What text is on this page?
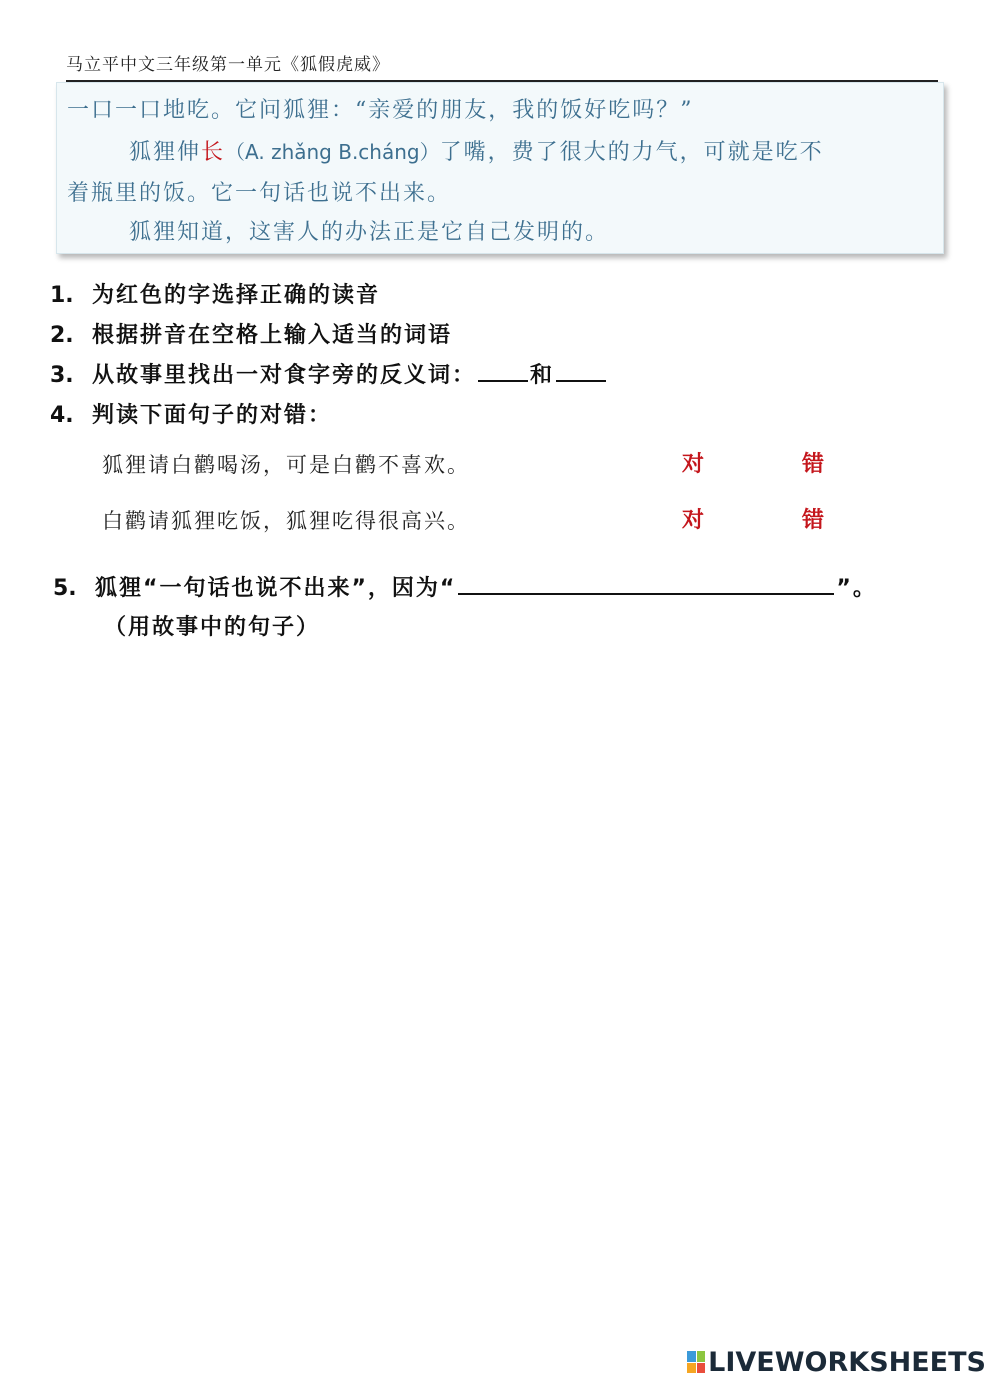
马立平中文三年级第一单元《狐假虎威》
一口一口地吃。它问狐狸：“亲爱的朋友，我的饭好吃吗？”
狐狸伸长（A. zhǎng B.cháng）了嘴，费了很大的力气，可就是吃不
着瓶里的饭。它一句话也说不出来。
狐狸知道，这害人的办法正是它自己发明的。
1. 为红色的字选择正确的读音
2. 根据拼音在空格上输入适当的词语
3. 从故事里找出一对食字旁的反义词： 和
4. 判读下面句子的对错：
狐狸请白鹳喝汤，可是白鹳不喜欢。	对	错
白鹳请狐狸吃饭，狐狸吃得很高兴。	对	错
5. 狐狸“一句话也说不出来”，因为“	”。
（用故事中的句子）
LIVEWORKSHEETS
